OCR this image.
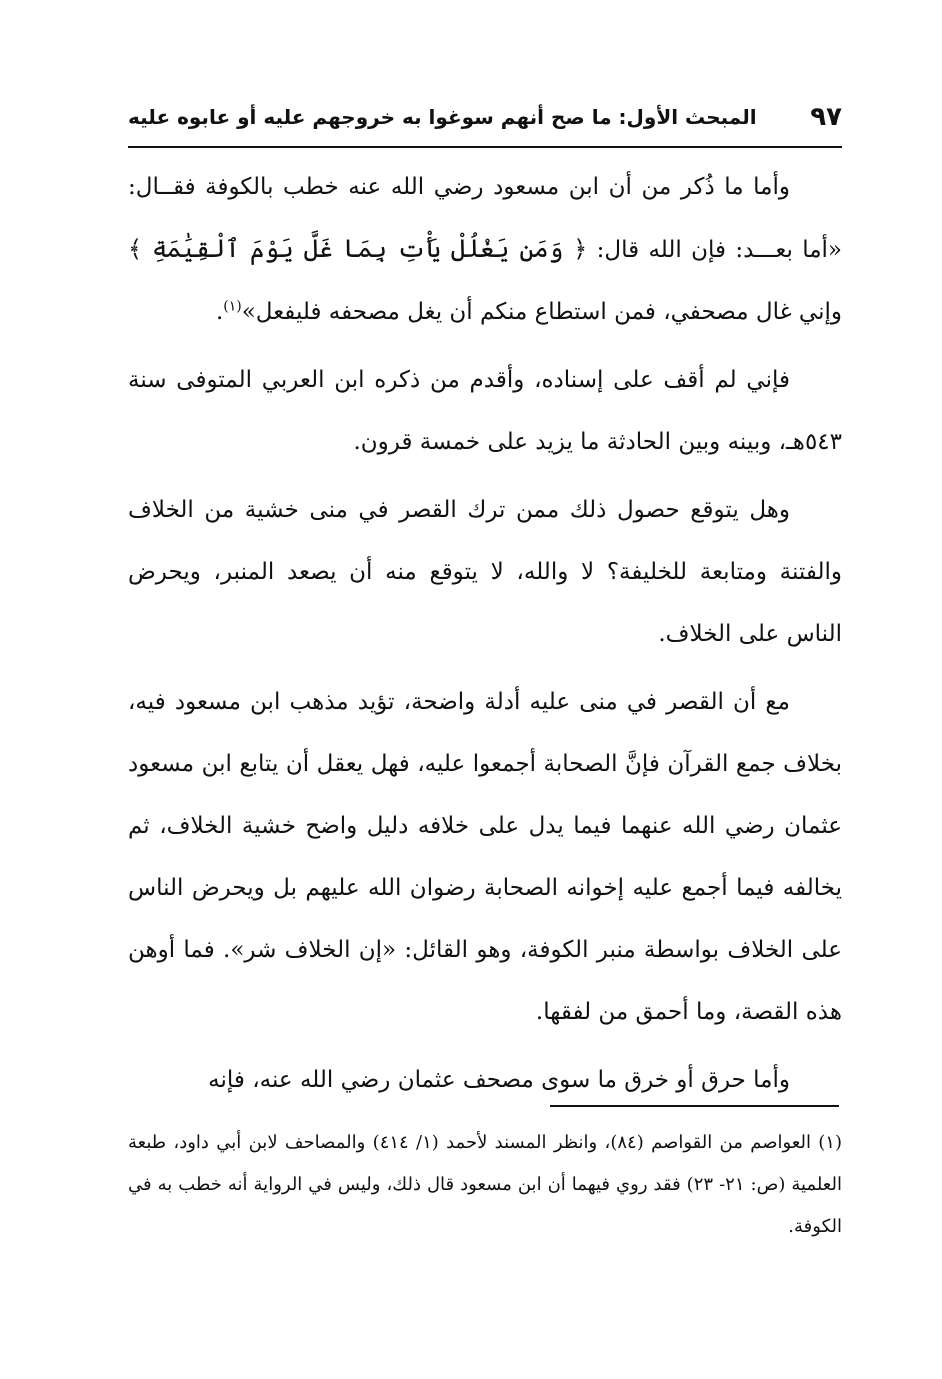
٩٧
المبحث الأول: ما صح أنهم سوغوا به خروجهم عليه أو عابوه عليه

وأما ما ذُكر من أن ابن مسعود رضي الله عنه خطب بالكوفة فقــال: «أما بعـــد: فإن الله قال: ﴿ وَمَن يَغْلُلْ يَأْتِ بِمَا غَلَّ يَوْمَ ٱلْقِيَٰمَةِ ﴾ وإني غال مصحفي، فمن استطاع منكم أن يغل مصحفه فليفعل»$^{(١)}$.

فإني لم أقف على إسناده، وأقدم من ذكره ابن العربي المتوفى سنة ٥٤٣هـ، وبينه وبين الحادثة ما يزيد على خمسة قرون.

وهل يتوقع حصول ذلك ممن ترك القصر في منى خشية من الخلاف والفتنة ومتابعة للخليفة؟ لا والله، لا يتوقع منه أن يصعد المنبر، ويحرض الناس على الخلاف.

مع أن القصر في منى عليه أدلة واضحة، تؤيد مذهب ابن مسعود فيه، بخلاف جمع القرآن فإنَّ الصحابة أجمعوا عليه، فهل يعقل أن يتابع ابن مسعود عثمان رضي الله عنهما فيما يدل على خلافه دليل واضح خشية الخلاف، ثم يخالفه فيما أجمع عليه إخوانه الصحابة رضوان الله عليهم بل ويحرض الناس على الخلاف بواسطة منبر الكوفة، وهو القائل: «إن الخلاف شر». فما أوهن هذه القصة، وما أحمق من لفقها.

وأما حرق أو خرق ما سوى مصحف عثمان رضي الله عنه، فإنه

(١) العواصم من القواصم (٨٤)، وانظر المسند لأحمد (١/ ٤١٤) والمصاحف لابن أبي داود، طبعة العلمية (ص: ٢١- ٢٣) فقد روي فيهما أن ابن مسعود قال ذلك، وليس في الرواية أنه خطب به في الكوفة.
